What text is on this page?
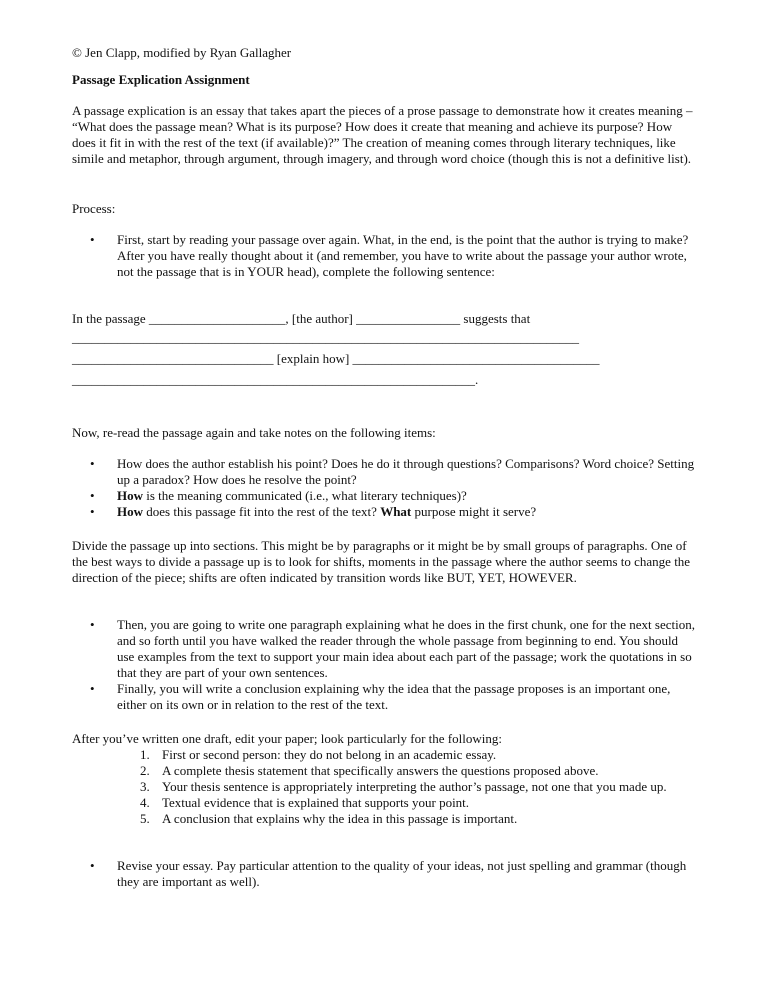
© Jen Clapp, modified by Ryan Gallagher

Passage Explication Assignment

A passage explication is an essay that takes apart the pieces of a prose passage to demonstrate how it creates meaning – “What does the passage mean? What is its purpose? How does it create that meaning and achieve its purpose? How does it fit in with the rest of the text (if available)?” The creation of meaning comes through literary techniques, like simile and metaphor, through argument, through imagery, and through word choice (though this is not a definitive list).

Process:

• First, start by reading your passage over again. What, in the end, is the point that the author is trying to make? After you have really thought about it (and remember, you have to write about the passage your author wrote, not the passage that is in YOUR head), complete the following sentence:
In the passage _____________________, [the author] ________________ suggests that
______________________________________________________________________________
_______________________________ [explain how] ______________________________________
______________________________________________________________.

Now, re-read the passage again and take notes on the following items:

• How does the author establish his point? Does he do it through questions? Comparisons? Word choice? Setting up a paradox? How does he resolve the point?
• How is the meaning communicated (i.e., what literary techniques)?
• How does this passage fit into the rest of the text? What purpose might it serve?

Divide the passage up into sections. This might be by paragraphs or it might be by small groups of paragraphs. One of the best ways to divide a passage up is to look for shifts, moments in the passage where the author seems to change the direction of the piece; shifts are often indicated by transition words like BUT, YET, HOWEVER.

• Then, you are going to write one paragraph explaining what he does in the first chunk, one for the next section, and so forth until you have walked the reader through the whole passage from beginning to end. You should use examples from the text to support your main idea about each part of the passage; work the quotations in so that they are part of your own sentences.
• Finally, you will write a conclusion explaining why the idea that the passage proposes is an important one, either on its own or in relation to the rest of the text.

After you’ve written one draft, edit your paper; look particularly for the following:

1. First or second person: they do not belong in an academic essay.
2. A complete thesis statement that specifically answers the questions proposed above.
3. Your thesis sentence is appropriately interpreting the author’s passage, not one that you made up.
4. Textual evidence that is explained that supports your point.
5. A conclusion that explains why the idea in this passage is important.
• Revise your essay. Pay particular attention to the quality of your ideas, not just spelling and grammar (though they are important as well).
